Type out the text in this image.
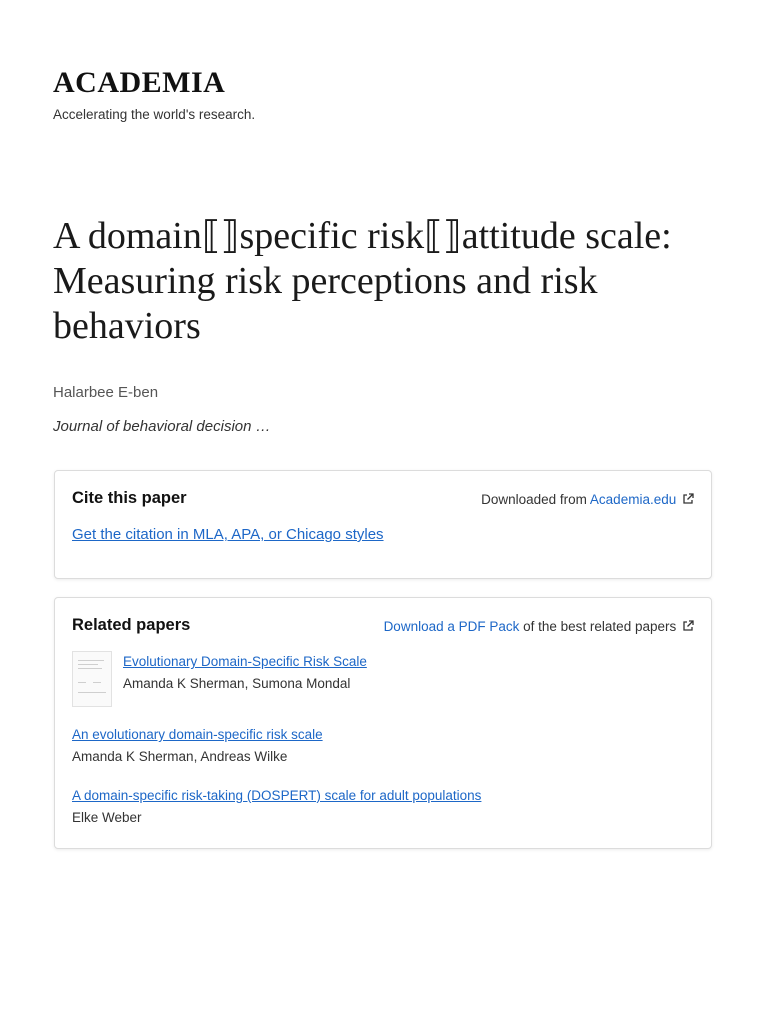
ACADEMIA
Accelerating the world's research.
A domain⟦⟧specific risk⟦⟧attitude scale:
Measuring risk perceptions and risk
behaviors
Halarbee E-ben
Journal of behavioral decision …
Cite this paper	Downloaded from Academia.edu
Get the citation in MLA, APA, or Chicago styles
Related papers	Download a PDF Pack of the best related papers
Evolutionary Domain-Specific Risk Scale
Amanda K Sherman, Sumona Mondal
An evolutionary domain-specific risk scale
Amanda K Sherman, Andreas Wilke
A domain-specific risk-taking (DOSPERT) scale for adult populations
Elke Weber
